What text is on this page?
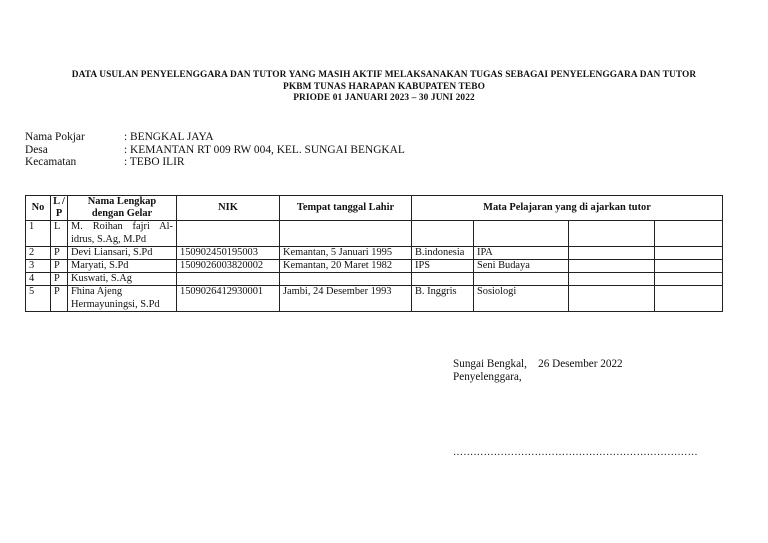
DATA USULAN PENYELENGGARA DAN TUTOR YANG MASIH AKTIF MELAKSANAKAN TUGAS SEBAGAI PENYELENGGARA DAN TUTOR
PKBM TUNAS HARAPAN KABUPATEN TEBO
PRIODE 01 JANUARI 2023 – 30 JUNI 2022
Nama Pokjar	: BENGKAL JAYA
Desa	: KEMANTAN RT 009 RW 004, KEL. SUNGAI BENGKAL
Kecamatan	: TEBO ILIR
No	L / P	Nama Lengkap dengan Gelar	NIK	Tempat tanggal Lahir	Mata Pelajaran yang di ajarkan tutor			
1	L	M. Roihan fajri Al-idrus, S.Ag, M.Pd						
2	P	Devi Liansari, S.Pd	150902450195003	Kemantan, 5 Januari 1995	B.indonesia	IPA		
3	P	Maryati, S.Pd	1509026003820002	Kemantan, 20 Maret 1982	IPS	Seni Budaya		
4	P	Kuswati, S.Ag						
5	P	Fhina Ajeng Hermayuningsi, S.Pd	1509026412930001	Jambi, 24 Desember 1993	B. Inggris	Sosiologi		
Sungai Bengkal,    26 Desember 2022
Penyelenggara,
………………………………………………………………
